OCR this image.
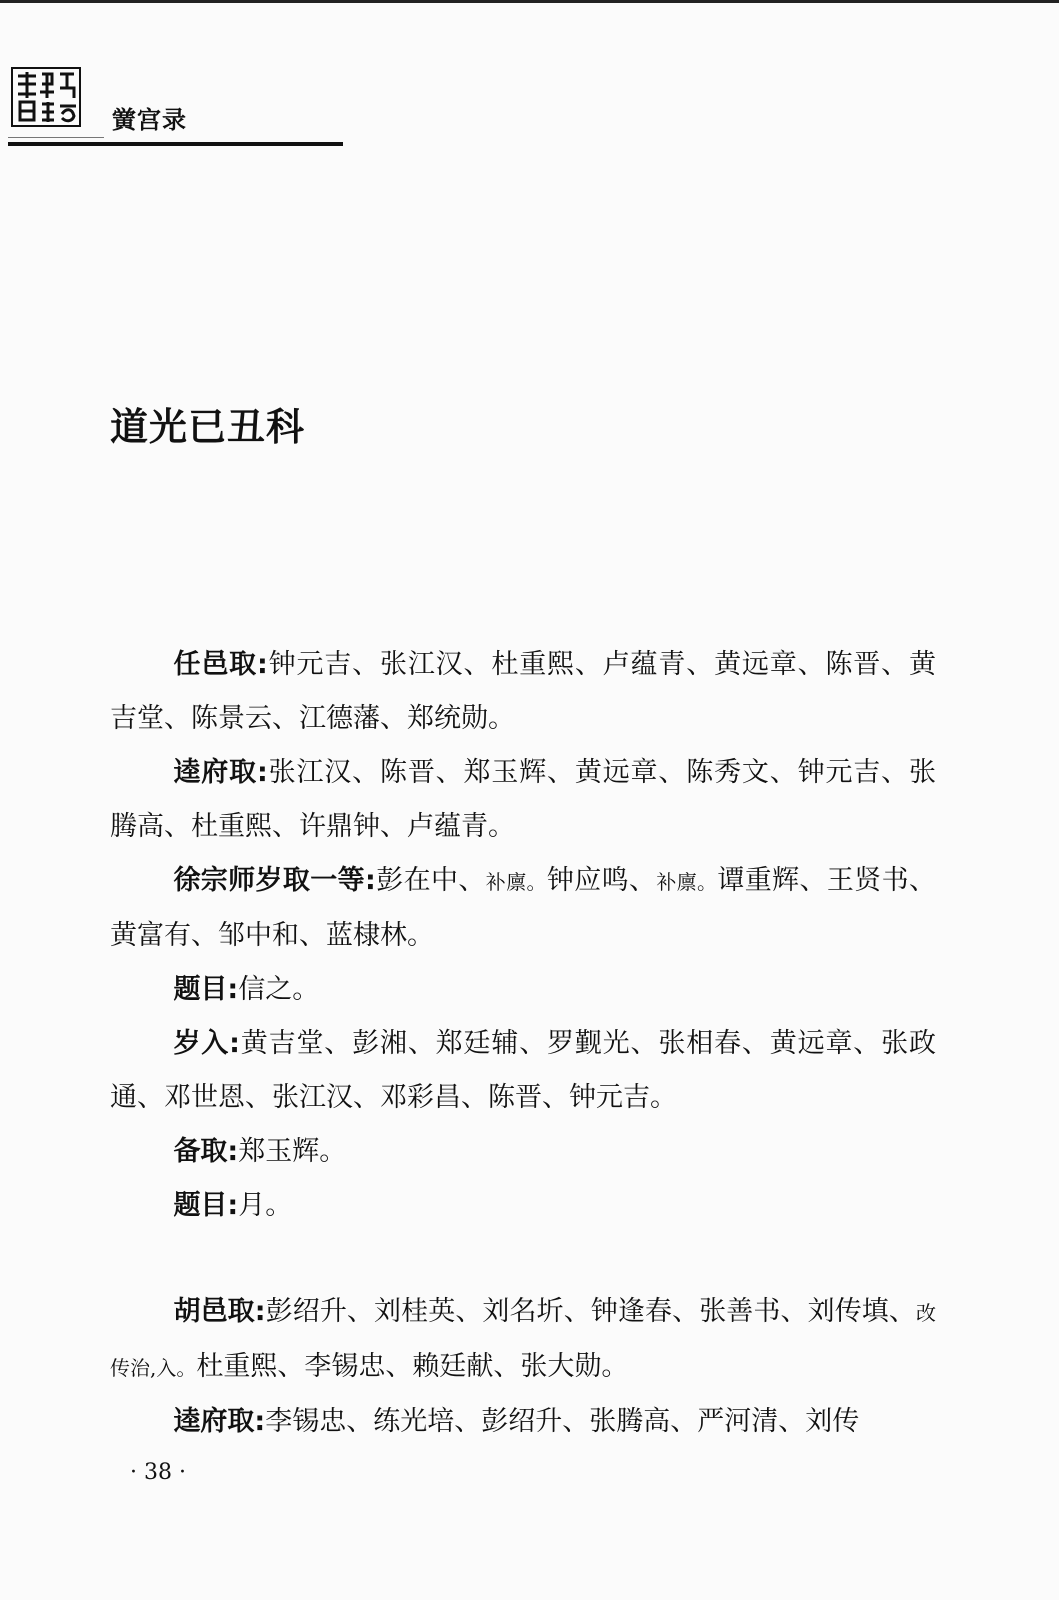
黉宫录
道光已丑科

任邑取:钟元吉、张江汉、杜重熙、卢蕴青、黄远章、陈晋、黄吉堂、陈景云、江德藩、郑统勋。

逵府取:张江汉、陈晋、郑玉辉、黄远章、陈秀文、钟元吉、张腾高、杜重熙、许鼎钟、卢蕴青。

徐宗师岁取一等:彭在中、补廪。钟应鸣、补廪。谭重辉、王贤书、黄富有、邹中和、蓝棣林。

题目:信之。

岁入:黄吉堂、彭湘、郑廷辅、罗觐光、张相春、黄远章、张政通、邓世恩、张江汉、邓彩昌、陈晋、钟元吉。

备取:郑玉辉。

题目:月。

胡邑取:彭绍升、刘桂英、刘名圻、钟逢春、张善书、刘传填、改传治,入。杜重熙、李锡忠、赖廷献、张大勋。

逵府取:李锡忠、练光培、彭绍升、张腾高、严河清、刘传

· 38 ·
